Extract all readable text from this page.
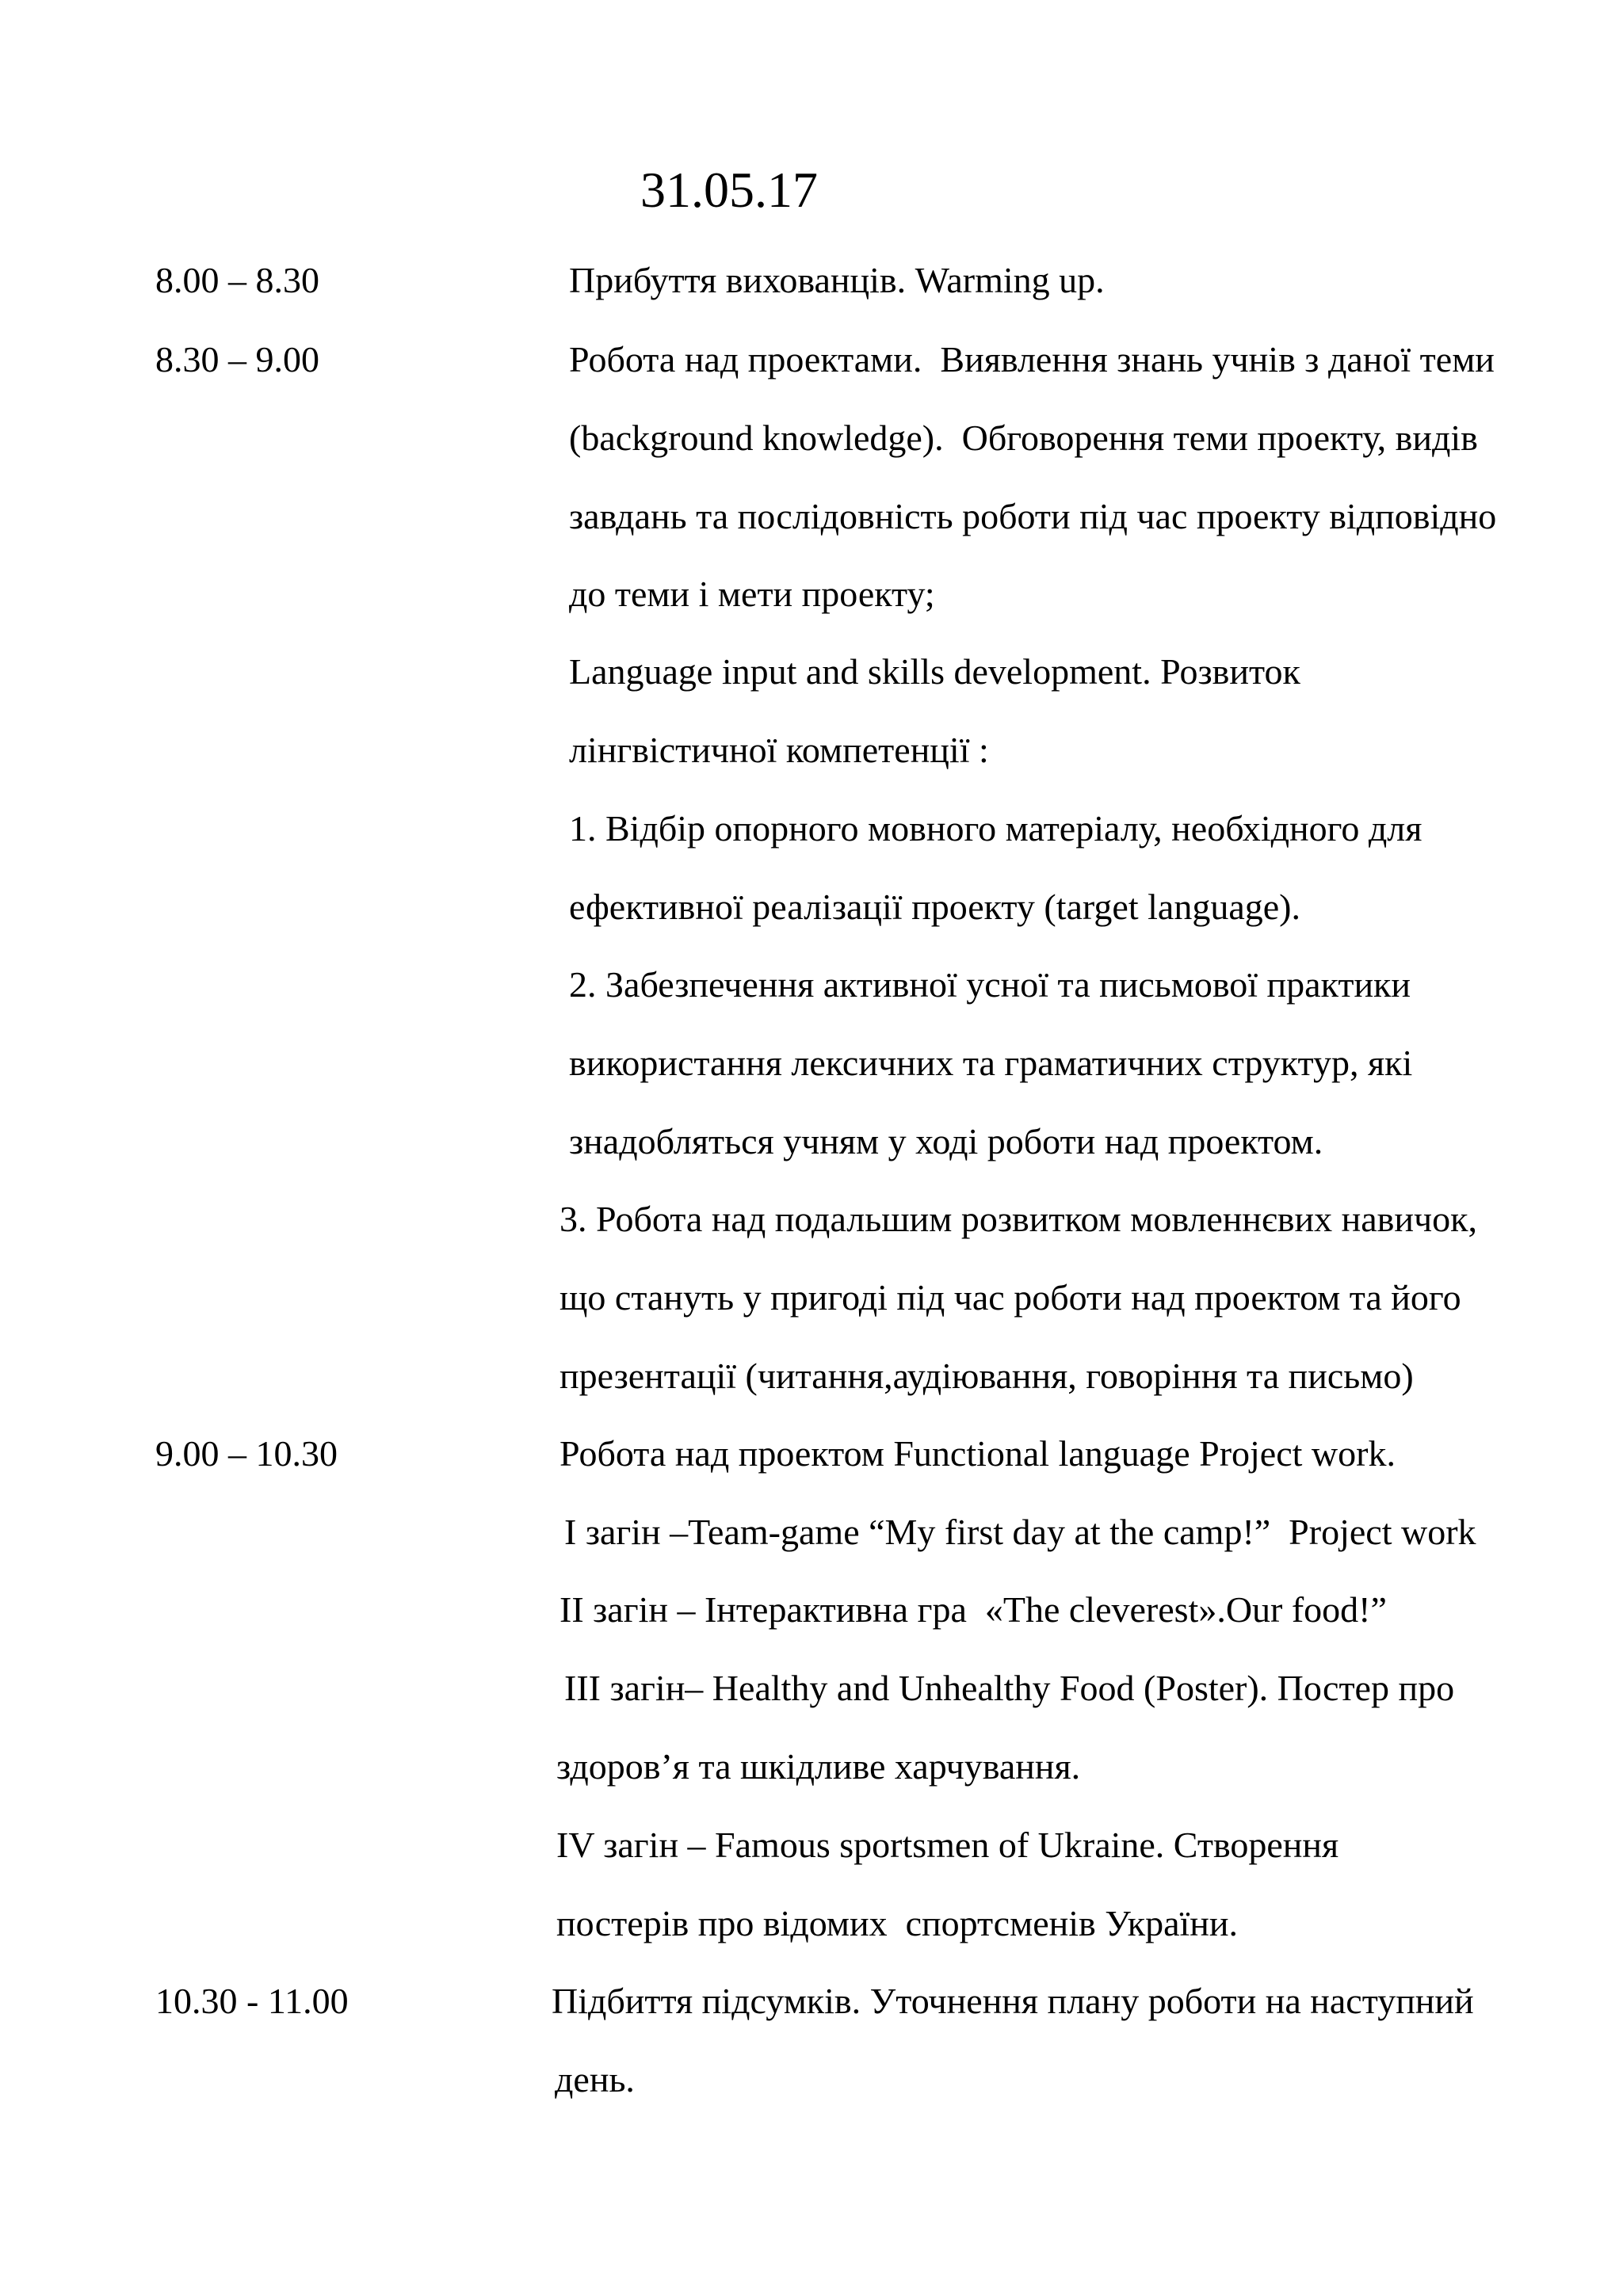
31.05.17
8.00 – 8.30	Прибуття вихованців. Warming up.
8.30 – 9.00	Робота над проектами.  Виявлення знань учнів з даної теми
(background knowledge).  Обговорення теми проекту, видів
завдань та послідовність роботи під час проекту відповідно
до теми і мети проекту;
Language input and skills development. Розвиток
лінгвістичної компетенції :
1. Відбір опорного мовного матеріалу, необхідного для
ефективної реалізації проекту (target language).
2. Забезпечення активної усної та письмової практики
використання лексичних та граматичних структур, які
знадобляться учням у ході роботи над проектом.
3. Робота над подальшим розвитком мовленнєвих навичок,
що стануть у пригоді під час роботи над проектом та його
презентації (читання,аудіювання, говоріння та письмо)
9.00 – 10.30	Робота над проектом Functional language Project work.
I загін –Team-game “My first day at the camp!”  Project work
II загін – Інтерактивна гра  «The cleverest».Our food!”
III загін– Healthy and Unhealthy Food (Poster). Постер про
здоров’я та шкідливе харчування.
IV загін – Famous sportsmen of Ukraine. Створення
постерів про відомих  спортсменів України.
10.30 - 11.00	Підбиття підсумків. Уточнення плану роботи на наступний
день.
